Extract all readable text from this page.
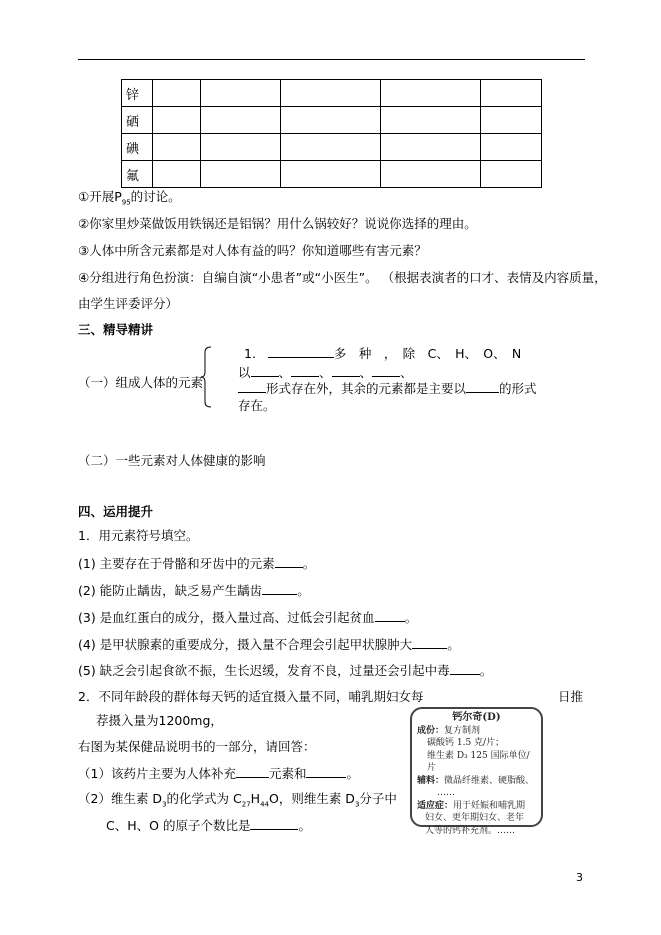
锌					
硒					
碘					
氟					
①开展$P_{95}$的讨论。
②你家里炒菜做饭用铁锅还是铝锅？用什么锅较好？说说你选择的理由。
③人体中所含元素都是对人体有益的吗？你知道哪些有害元素？
④分组进行角色扮演：自编自演“小患者”或“小医生”。 （根据表演者的口才、表情及内容质量，
由学生评委评分）
三、精导精讲
（一）组成人体的元素
1.	多　种　，　除　C、　H、　O、　N
以 、 、 、 、
形式存在外，其余的元素都是主要以	的形式
存在。
（二）一些元素对人体健康的影响
四、运用提升
1．用元素符号填空。
(1) 主要存在于骨骼和牙齿中的元素 。
(2) 能防止龋齿，缺乏易产生龋齿	。
(3) 是血红蛋白的成分，摄入量过高、过低会引起贫血 。
(4) 是甲状腺素的重要成分，摄入量不合理会引起甲状腺肿大	。
(5) 缺乏会引起食欲不振，生长迟缓，发育不良，过量还会引起中毒 。
2．不同年龄段的群体每天钙的适宜摄入量不同，哺乳期妇女每	日推
荐摄入量为1200mg，
右图为某保健品说明书的一部分，请回答：
（1）该药片主要为人体补充	元素和	。
（2）维生素 $D_3$的化学式为 $C_{27}H_{44}O$，则维生素 $D_3$分子中
C、H、O 的原子个数比是	。
钙尔奇(D)
成份：复方制剂
碳酸钙 1.5 克/片；
维生素 D₃ 125 国际单位/片
辅料：微晶纤维素、硬脂酸、
……
适应症：用于妊娠和哺乳期
妇女、更年期妇女、老年
人等的钙补充剂。……
3
